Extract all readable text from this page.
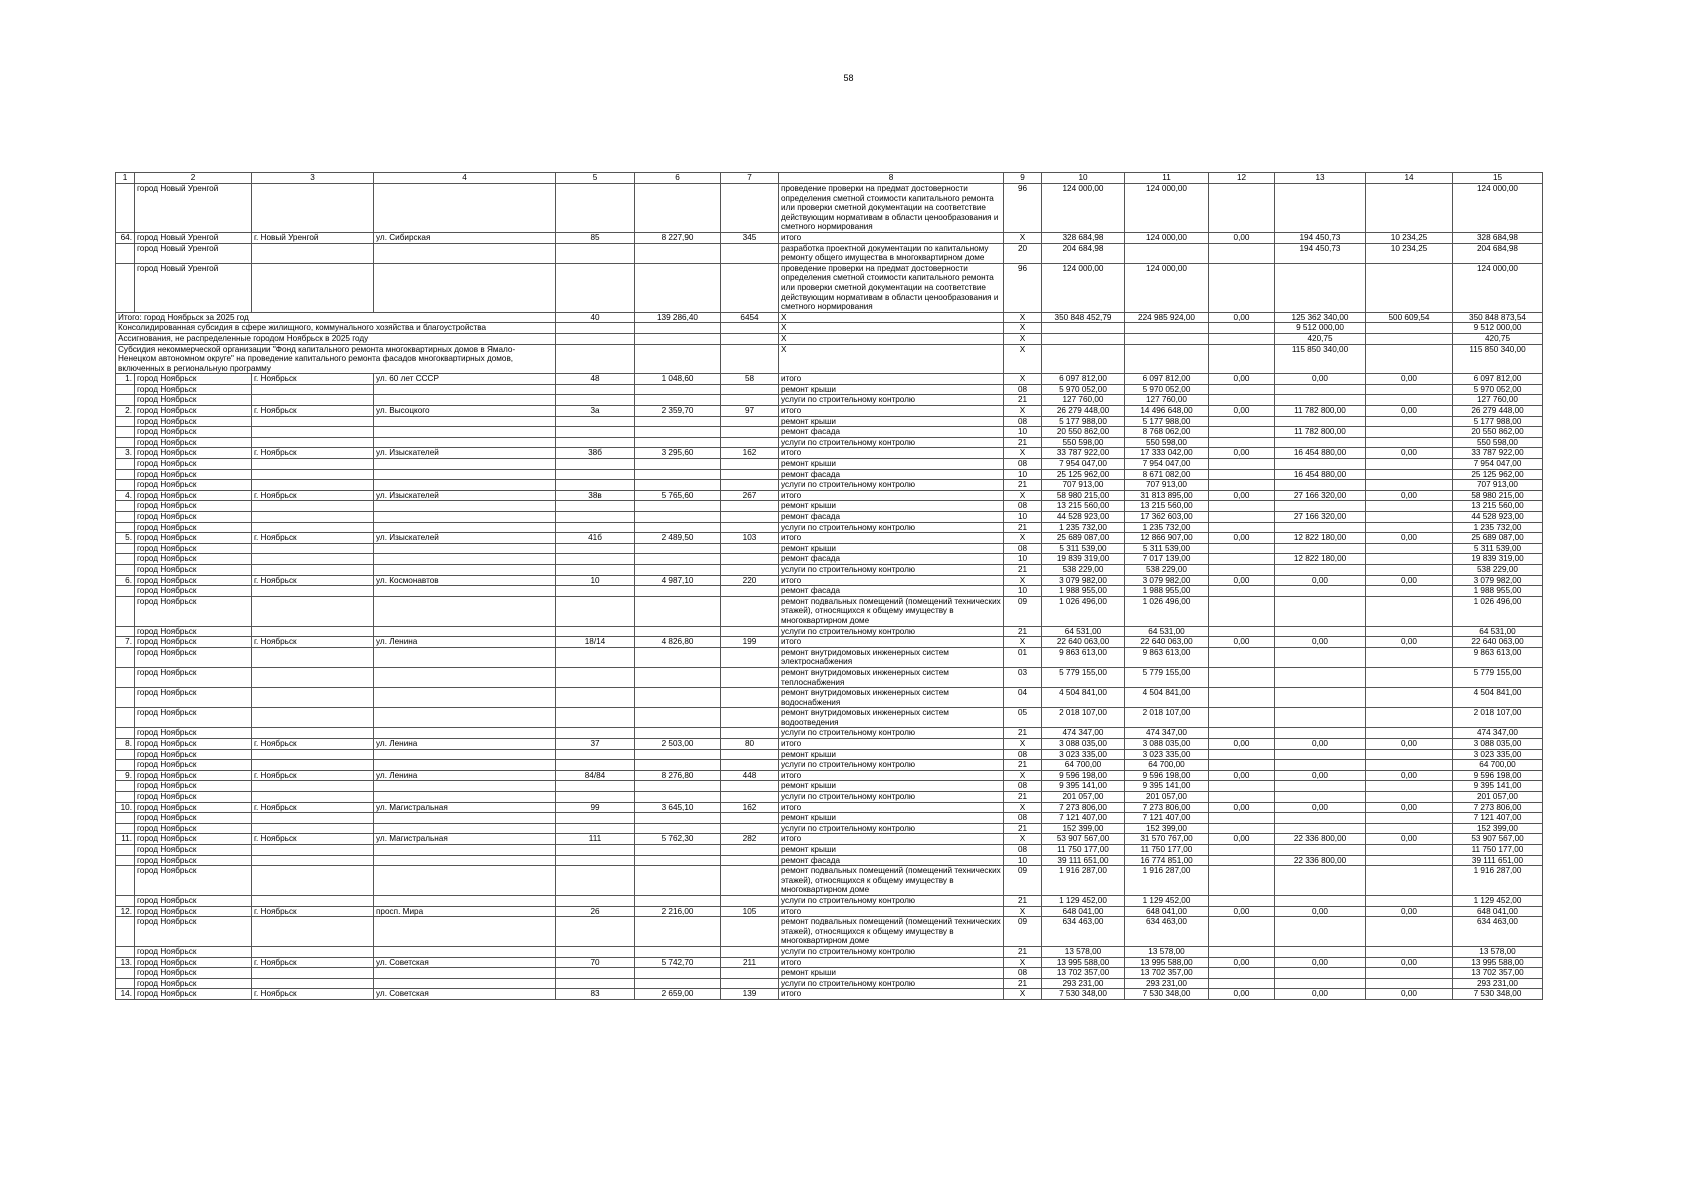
58
1	2	3	4	5	6	7	8	9	10	11	12	13	14	15
	город Новый Уренгой						проведение проверки на предмат достоверности определения сметной стоимости капитального ремонта или проверки сметной документации на соответствие действующим нормативам в области ценообразования и сметного нормирования	96	124 000,00	124 000,00				124 000,00
64.	город Новый Уренгой	г. Новый Уренгой	ул. Сибирская	85	8 227,90	345	итого	X	328 684,98	124 000,00	0,00	194 450,73	10 234,25	328 684,98
	город Новый Уренгой						разработка проектной документации по капитальному ремонту общего имущества в многоквартирном доме	20	204 684,98			194 450,73	10 234,25	204 684,98
	город Новый Уренгой						проведение проверки на предмат достоверности определения сметной стоимости капитального ремонта или проверки сметной документации на соответствие действующим нормативам в области ценообразования и сметного нормирования	96	124 000,00	124 000,00				124 000,00
Итого: город Ноябрьск за 2025 год				40	139 286,40	6454	X	X	350 848 452,79	224 985 924,00	0,00	125 362 340,00	500 609,54	350 848 873,54
Консолидированная субсидия в сфере жилищного, коммунального хозяйства и благоустройства							X	X				9 512 000,00		9 512 000,00
Ассигнования, не распределенные городом Ноябрьск в 2025 году							X	X				420,75		420,75
Субсидия некоммерческой организации "Фонд капитального ремонта многоквартирных домов в Ямало-Ненецком автономном округе" на проведение капитального ремонта фасадов многоквартирных домов, включенных в региональную программу							X	X				115 850 340,00		115 850 340,00
1.	город Ноябрьск	г. Ноябрьск	ул. 60 лет СССР	48	1 048,60	58	итого	X	6 097 812,00	6 097 812,00	0,00	0,00	0,00	6 097 812,00
	город Ноябрьск						ремонт крыши	08	5 970 052,00	5 970 052,00				5 970 052,00
	город Ноябрьск						услуги по строительному контролю	21	127 760,00	127 760,00				127 760,00
2.	город Ноябрьск	г. Ноябрьск	ул. Высоцкого	3а	2 359,70	97	итого	X	26 279 448,00	14 496 648,00	0,00	11 782 800,00	0,00	26 279 448,00
	город Ноябрьск						ремонт крыши	08	5 177 988,00	5 177 988,00				5 177 988,00
	город Ноябрьск						ремонт фасада	10	20 550 862,00	8 768 062,00		11 782 800,00		20 550 862,00
	город Ноябрьск						услуги по строительному контролю	21	550 598,00	550 598,00				550 598,00
3.	город Ноябрьск	г. Ноябрьск	ул. Изыскателей	38б	3 295,60	162	итого	X	33 787 922,00	17 333 042,00	0,00	16 454 880,00	0,00	33 787 922,00
	город Ноябрьск						ремонт крыши	08	7 954 047,00	7 954 047,00				7 954 047,00
	город Ноябрьск						ремонт фасада	10	25 125 962,00	8 671 082,00		16 454 880,00		25 125 962,00
	город Ноябрьск						услуги по строительному контролю	21	707 913,00	707 913,00				707 913,00
4.	город Ноябрьск	г. Ноябрьск	ул. Изыскателей	38в	5 765,60	267	итого	X	58 980 215,00	31 813 895,00	0,00	27 166 320,00	0,00	58 980 215,00
	город Ноябрьск						ремонт крыши	08	13 215 560,00	13 215 560,00				13 215 560,00
	город Ноябрьск						ремонт фасада	10	44 528 923,00	17 362 603,00		27 166 320,00		44 528 923,00
	город Ноябрьск						услуги по строительному контролю	21	1 235 732,00	1 235 732,00				1 235 732,00
5.	город Ноябрьск	г. Ноябрьск	ул. Изыскателей	41б	2 489,50	103	итого	X	25 689 087,00	12 866 907,00	0,00	12 822 180,00	0,00	25 689 087,00
	город Ноябрьск						ремонт крыши	08	5 311 539,00	5 311 539,00				5 311 539,00
	город Ноябрьск						ремонт фасада	10	19 839 319,00	7 017 139,00		12 822 180,00		19 839 319,00
	город Ноябрьск						услуги по строительному контролю	21	538 229,00	538 229,00				538 229,00
6.	город Ноябрьск	г. Ноябрьск	ул. Космонавтов	10	4 987,10	220	итого	X	3 079 982,00	3 079 982,00	0,00	0,00	0,00	3 079 982,00
	город Ноябрьск						ремонт фасада	10	1 988 955,00	1 988 955,00				1 988 955,00
	город Ноябрьск						ремонт подвальных помещений (помещений технических этажей), относящихся к общему имуществу в многоквартирном доме	09	1 026 496,00	1 026 496,00				1 026 496,00
	город Ноябрьск						услуги по строительному контролю	21	64 531,00	64 531,00				64 531,00
7.	город Ноябрьск	г. Ноябрьск	ул. Ленина	18/14	4 826,80	199	итого	X	22 640 063,00	22 640 063,00	0,00	0,00	0,00	22 640 063,00
	город Ноябрьск						ремонт внутридомовых инженерных систем электроснабжения	01	9 863 613,00	9 863 613,00				9 863 613,00
	город Ноябрьск						ремонт внутридомовых инженерных систем теплоснабжения	03	5 779 155,00	5 779 155,00				5 779 155,00
	город Ноябрьск						ремонт внутридомовых инженерных систем водоснабжения	04	4 504 841,00	4 504 841,00				4 504 841,00
	город Ноябрьск						ремонт внутридомовых инженерных систем водоотведения	05	2 018 107,00	2 018 107,00				2 018 107,00
	город Ноябрьск						услуги по строительному контролю	21	474 347,00	474 347,00				474 347,00
8.	город Ноябрьск	г. Ноябрьск	ул. Ленина	37	2 503,00	80	итого	X	3 088 035,00	3 088 035,00	0,00	0,00	0,00	3 088 035,00
	город Ноябрьск						ремонт крыши	08	3 023 335,00	3 023 335,00				3 023 335,00
	город Ноябрьск						услуги по строительному контролю	21	64 700,00	64 700,00				64 700,00
9.	город Ноябрьск	г. Ноябрьск	ул. Ленина	84/84	8 276,80	448	итого	X	9 596 198,00	9 596 198,00	0,00	0,00	0,00	9 596 198,00
	город Ноябрьск						ремонт крыши	08	9 395 141,00	9 395 141,00				9 395 141,00
	город Ноябрьск						услуги по строительному контролю	21	201 057,00	201 057,00				201 057,00
10.	город Ноябрьск	г. Ноябрьск	ул. Магистральная	99	3 645,10	162	итого	X	7 273 806,00	7 273 806,00	0,00	0,00	0,00	7 273 806,00
	город Ноябрьск						ремонт крыши	08	7 121 407,00	7 121 407,00				7 121 407,00
	город Ноябрьск						услуги по строительному контролю	21	152 399,00	152 399,00				152 399,00
11.	город Ноябрьск	г. Ноябрьск	ул. Магистральная	111	5 762,30	282	итого	X	53 907 567,00	31 570 767,00	0,00	22 336 800,00	0,00	53 907 567,00
	город Ноябрьск						ремонт крыши	08	11 750 177,00	11 750 177,00				11 750 177,00
	город Ноябрьск						ремонт фасада	10	39 111 651,00	16 774 851,00		22 336 800,00		39 111 651,00
	город Ноябрьск						ремонт подвальных помещений (помещений технических этажей), относящихся к общему имуществу в многоквартирном доме	09	1 916 287,00	1 916 287,00				1 916 287,00
	город Ноябрьск						услуги по строительному контролю	21	1 129 452,00	1 129 452,00				1 129 452,00
12.	город Ноябрьск	г. Ноябрьск	просп. Мира	26	2 216,00	105	итого	X	648 041,00	648 041,00	0,00	0,00	0,00	648 041,00
	город Ноябрьск						ремонт подвальных помещений (помещений технических этажей), относящихся к общему имуществу в многоквартирном доме	09	634 463,00	634 463,00				634 463,00
	город Ноябрьск						услуги по строительному контролю	21	13 578,00	13 578,00				13 578,00
13.	город Ноябрьск	г. Ноябрьск	ул. Советская	70	5 742,70	211	итого	X	13 995 588,00	13 995 588,00	0,00	0,00	0,00	13 995 588,00
	город Ноябрьск						ремонт крыши	08	13 702 357,00	13 702 357,00				13 702 357,00
	город Ноябрьск						услуги по строительному контролю	21	293 231,00	293 231,00				293 231,00
14.	город Ноябрьск	г. Ноябрьск	ул. Советская	83	2 659,00	139	итого	X	7 530 348,00	7 530 348,00	0,00	0,00	0,00	7 530 348,00
